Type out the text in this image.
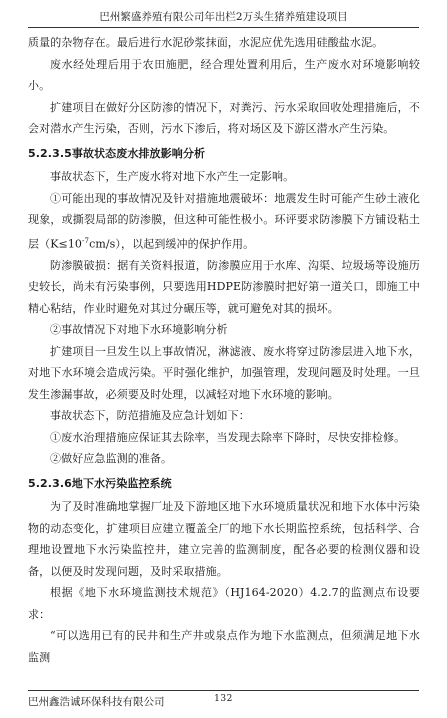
巴州繁盛养殖有限公司年出栏2万头生猪养殖建设项目

质量的杂物存在。最后进行水泥砂浆抹面，水泥应优先选用硅酸盐水泥。

废水经处理后用于农田施肥，经合理处置利用后，生产废水对环境影响较小。

扩建项目在做好分区防渗的情况下，对粪污、污水采取回收处理措施后，不会对潜水产生污染，否则，污水下渗后，将对场区及下游区潜水产生污染。

5.2.3.5事故状态废水排放影响分析

事故状态下，生产废水将对地下水产生一定影响。

①可能出现的事故情况及针对措施地震破坏：地震发生时可能产生砂土液化现象，或撕裂局部的防渗膜，但这种可能性极小。环评要求防渗膜下方铺设粘土层$(K\le 10^{-7}cm/s)$，以起到缓冲的保护作用。

防渗膜破损：据有关资料报道，防渗膜应用于水库、沟渠、垃圾场等设施历史较长，尚未有污染事例，只要选用HDPE防渗膜时把好第一道关口，即施工中精心粘结，作业时避免对其过分碾压等，就可避免对其的损坏。

②事故情况下对地下水环境影响分析

扩建项目一旦发生以上事故情况，淋滤液、废水将穿过防渗层进入地下水，对地下水环境会造成污染。平时强化维护，加强管理，发现问题及时处理。一旦发生渗漏事故，必须要及时处理，以减轻对地下水环境的影响。

事故状态下，防范措施及应急计划如下：

①废水治理措施应保证其去除率，当发现去除率下降时，尽快安排检修。

②做好应急监测的准备。

5.2.3.6地下水污染监控系统

为了及时准确地掌握厂址及下游地区地下水环境质量状况和地下水体中污染物的动态变化，扩建项目应建立覆盖全厂的地下水长期监控系统，包括科学、合理地设置地下水污染监控井，建立完善的监测制度，配各必要的检测仪器和设备，以便及时发现问题，及时采取措施。

根据《地下水环境监测技术规范》（HJ164-2020）4.2.7的监测点布设要求：

“可以选用已有的民井和生产井或泉点作为地下水监测点，但须满足地下水监测

巴州鑫浩诚环保科技有限公司	132
